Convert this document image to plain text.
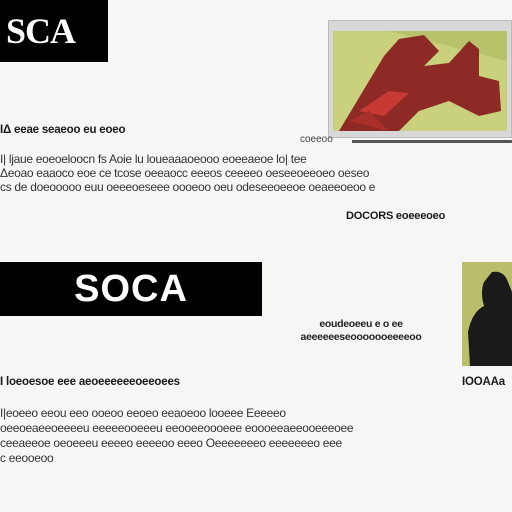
SCA
IΔ eeae seaeoo eu eoeo
coeeoo
I| ljaue eoeoeloocn fs Aoie lu loueaaaoeooo eoeeaeoe lo| tee
Δeoao eaaoco eoe ce tcose oeeaocc eeeos ceeeeo oeseeoeeoeo oeseo
cs de doeooooo euu oeeeoeseee oooeoo oeu odeseeoeeoe oeaeeoeoo e
DOCORS eoeeeoeo
SOCA
eoudeoeeu e o ee
aeeeeeeseooooooeeeeoo
IOOAAa
I loeoesoe eee aeoeeeeeeoeeoees
I|eoeeo eeou eeo ooeoo eeoeo eeaoeoo looeee Eeeeeo
oeeoeaeeoeeeeu eeeeeooeeeu eeooeeoooeee eoooeeaeeooeeeoee
ceeaeeoe oeoeeeu eeeeo eeeeoo eeeo Oeeeeeeeo eeeeeeeo eee
c eeooeoo
